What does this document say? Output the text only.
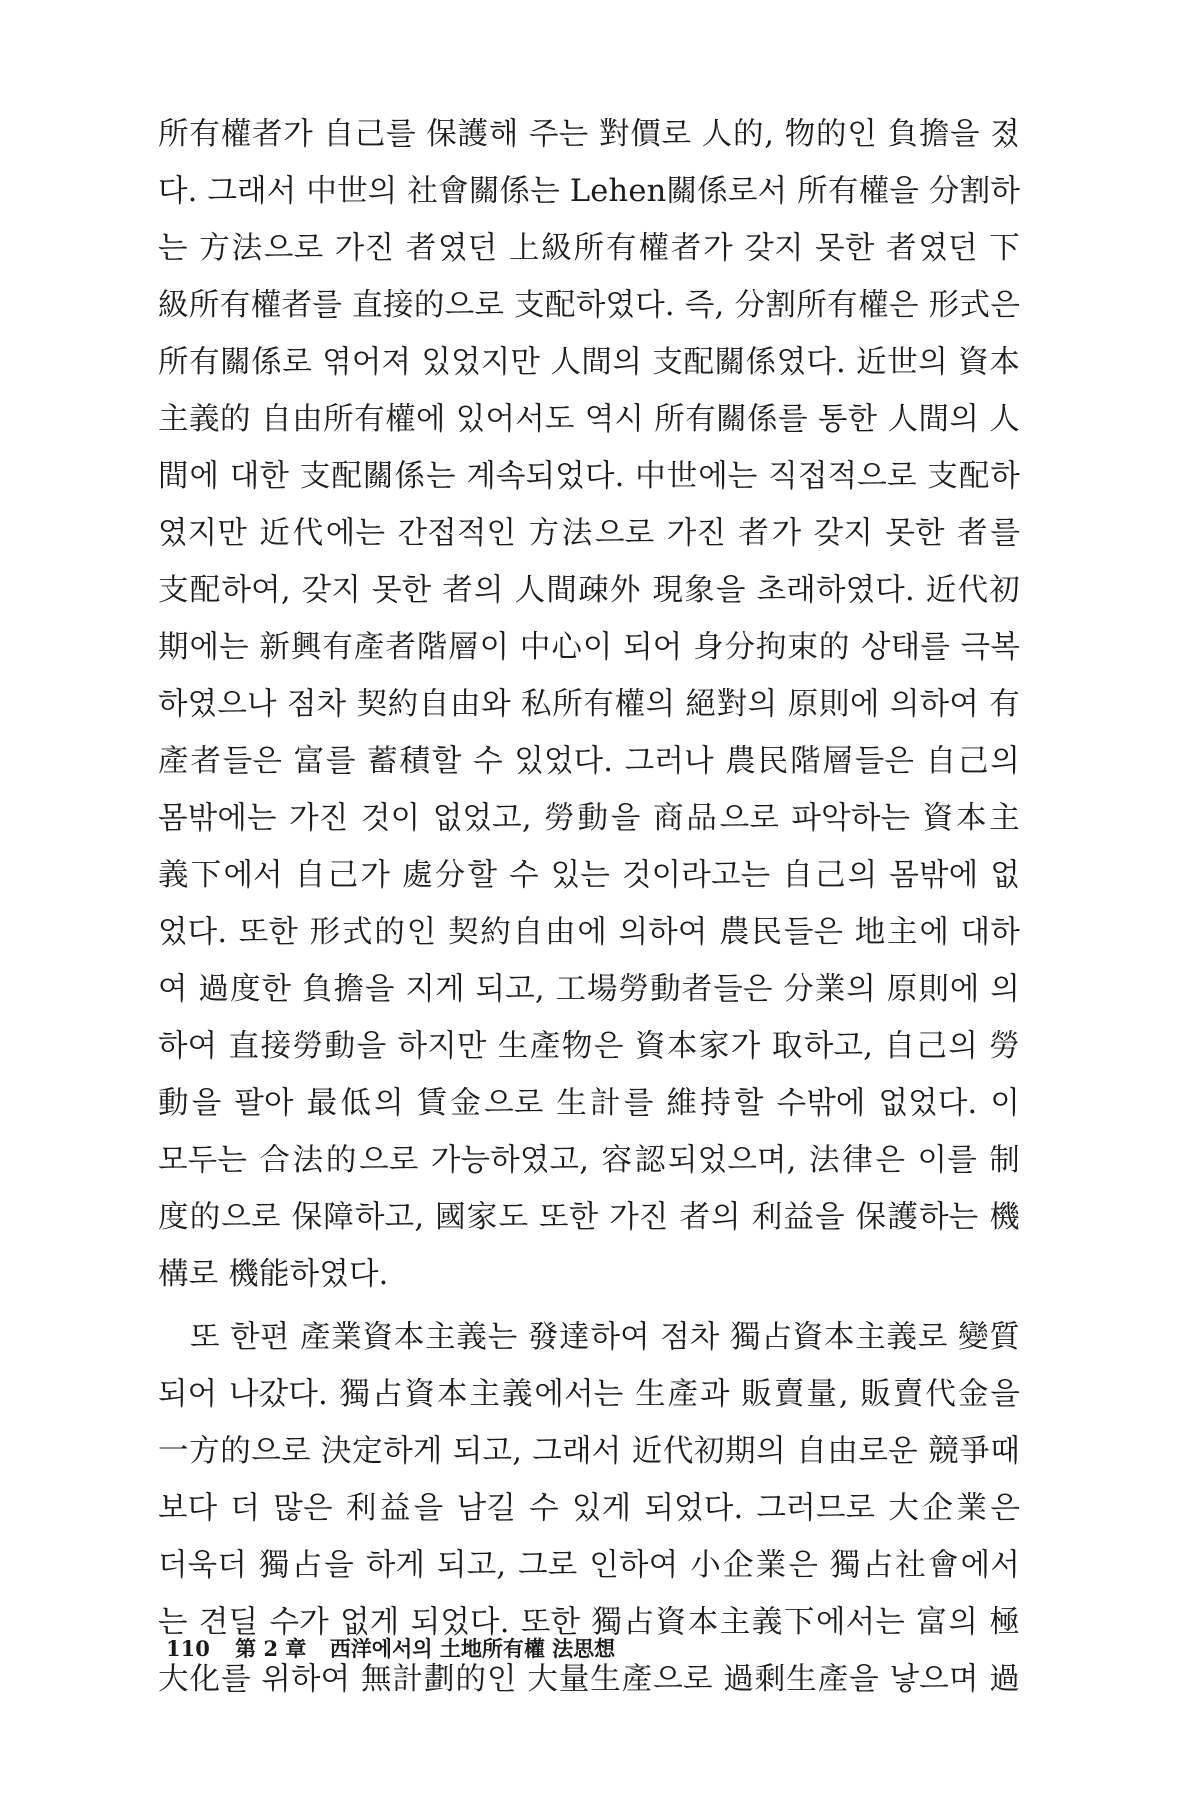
所有權者가 自己를 保護해 주는 對價로 人的, 物的인 負擔을 졌
다. 그래서 中世의 社會關係는 Lehen關係로서 所有權을 分割하
는 方法으로 가진 者였던 上級所有權者가 갖지 못한 者였던 下
級所有權者를 直接的으로 支配하였다. 즉, 分割所有權은 形式은
所有關係로 엮어져 있었지만 人間의 支配關係였다. 近世의 資本
主義的 自由所有權에 있어서도 역시 所有關係를 통한 人間의 人
間에 대한 支配關係는 계속되었다. 中世에는 직접적으로 支配하
였지만 近代에는 간접적인 方法으로 가진 者가 갖지 못한 者를
支配하여, 갖지 못한 者의 人間疎外 現象을 초래하였다. 近代初
期에는 新興有產者階層이 中心이 되어 身分拘束的 상태를 극복
하였으나 점차 契約自由와 私所有權의 絕對의 原則에 의하여 有
產者들은 富를 蓄積할 수 있었다. 그러나 農民階層들은 自己의
몸밖에는 가진 것이 없었고, 勞動을 商品으로 파악하는 資本主
義下에서 自己가 處分할 수 있는 것이라고는 自己의 몸밖에 없
었다. 또한 形式的인 契約自由에 의하여 農民들은 地主에 대하
여 過度한 負擔을 지게 되고, 工場勞動者들은 分業의 原則에 의
하여 直接勞動을 하지만 生產物은 資本家가 取하고, 自己의 勞
動을 팔아 最低의 賃金으로 生計를 維持할 수밖에 없었다. 이
모두는 合法的으로 가능하였고, 容認되었으며, 法律은 이를 制
度的으로 保障하고, 國家도 또한 가진 者의 利益을 保護하는 機
構로 機能하였다.
또 한편 產業資本主義는 發達하여 점차 獨占資本主義로 變質
되어 나갔다. 獨占資本主義에서는 生產과 販賣量, 販賣代金을
一方的으로 決定하게 되고, 그래서 近代初期의 自由로운 競爭때
보다 더 많은 利益을 남길 수 있게 되었다. 그러므로 大企業은
더욱더 獨占을 하게 되고, 그로 인하여 小企業은 獨占社會에서
는 견딜 수가 없게 되었다. 또한 獨占資本主義下에서는 富의 極
大化를 위하여 無計劃的인 大量生產으로 過剩生產을 낳으며 過
110 第 2 章 西洋에서의 土地所有權 法思想
